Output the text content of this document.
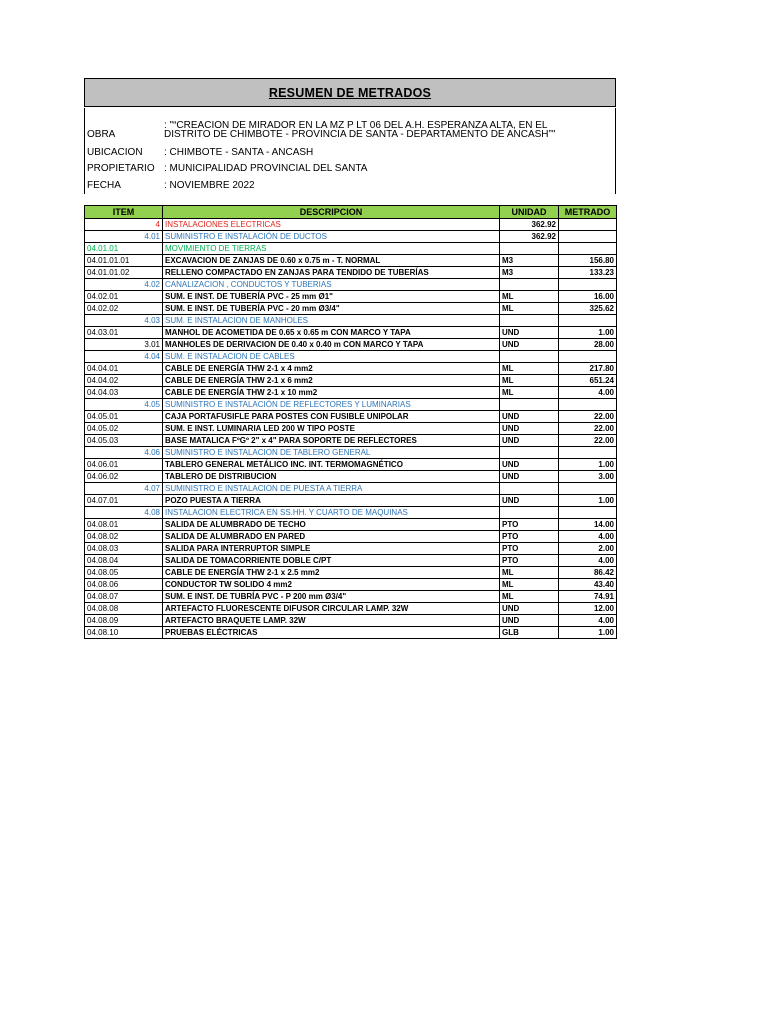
RESUMEN DE METRADOS
: "“CREACION DE MIRADOR EN LA MZ P LT 06 DEL A.H. ESPERANZA ALTA, EN EL
OBRA	DISTRITO DE CHIMBOTE - PROVINCIA DE SANTA - DEPARTAMENTO DE ANCASH”"
UBICACION	: CHIMBOTE - SANTA - ANCASH
PROPIETARIO : MUNICIPALIDAD PROVINCIAL DEL SANTA
FECHA	: NOVIEMBRE 2022
ITEM	DESCRIPCION	UNIDAD	METRADO
4	INSTALACIONES ELECTRICAS	362.92	
4.01	SUMINISTRO E INSTALACIÓN DE DUCTOS	362.92	
04.01.01	MOVIMIENTO DE TIERRAS		
04.01.01.01	EXCAVACION DE ZANJAS DE 0.60 x 0.75 m - T. NORMAL	M3	156.80
04.01.01.02	RELLENO COMPACTADO EN ZANJAS PARA TENDIDO DE TUBERÍAS	M3	133.23
4.02	CANALIZACION , CONDUCTOS Y TUBERIAS		
04.02.01	SUM. E INST. DE TUBERÍA PVC - 25 mm Ø1"	ML	16.00
04.02.02	SUM. E INST. DE TUBERÍA PVC - 20 mm Ø3/4"	ML	325.62
4.03	SUM. E INSTALACION DE MANHOLES		
04.03.01	MANHOL DE ACOMETIDA DE 0.65 x 0.65 m CON MARCO Y TAPA	UND	1.00
3.01	MANHOLES DE DERIVACION DE 0.40 x 0.40 m CON MARCO Y TAPA	UND	28.00
4.04	SUM. E INSTALACION DE CABLES		
04.04.01	CABLE DE ENERGÍA THW 2-1 x 4 mm2	ML	217.80
04.04.02	CABLE DE ENERGÍA THW 2-1 x 6 mm2	ML	651.24
04.04.03	CABLE DE ENERGÍA THW 2-1 x 10 mm2	ML	4.00
4.05	SUMINISTRO E INSTALACIÓN DE REFLECTORES Y LUMINARIAS		
04.05.01	CAJA PORTAFUSIFLE PARA POSTES CON FUSIBLE UNIPOLAR	UND	22.00
04.05.02	SUM. E INST. LUMINARIA LED 200 W TIPO POSTE	UND	22.00
04.05.03	BASE MATALICA FºGº 2" x 4" PARA SOPORTE DE REFLECTORES	UND	22.00
4.06	SUMINISTRO E INSTALACION DE TABLERO GENERAL		
04.06.01	TABLERO GENERAL METÁLICO INC. INT. TERMOMAGNÉTICO	UND	1.00
04.06.02	TABLERO DE DISTRIBUCION	UND	3.00
4.07	SUMINISTRO E INSTALACION DE PUESTA A TIERRA		
04.07.01	POZO PUESTA A TIERRA	UND	1.00
4.08	INSTALACION ELECTRICA EN SS.HH. Y CUARTO DE MAQUINAS		
04.08.01	SALIDA DE ALUMBRADO DE TECHO	PTO	14.00
04.08.02	SALIDA DE ALUMBRADO EN PARED	PTO	4.00
04.08.03	SALIDA PARA INTERRUPTOR SIMPLE	PTO	2.00
04.08.04	SALIDA DE TOMACORRIENTE DOBLE C/PT	PTO	4.00
04.08.05	CABLE DE ENERGÍA THW 2-1 x 2.5 mm2	ML	86.42
04.08.06	CONDUCTOR TW SOLIDO 4 mm2	ML	43.40
04.08.07	SUM. E INST. DE TUBRÍA PVC - P 200 mm Ø3/4"	ML	74.91
04.08.08	ARTEFACTO FLUORESCENTE DIFUSOR CIRCULAR LAMP. 32W	UND	12.00
04.08.09	ARTEFACTO BRAQUETE LAMP. 32W	UND	4.00
04.08.10	PRUEBAS ELÉCTRICAS	GLB	1.00
